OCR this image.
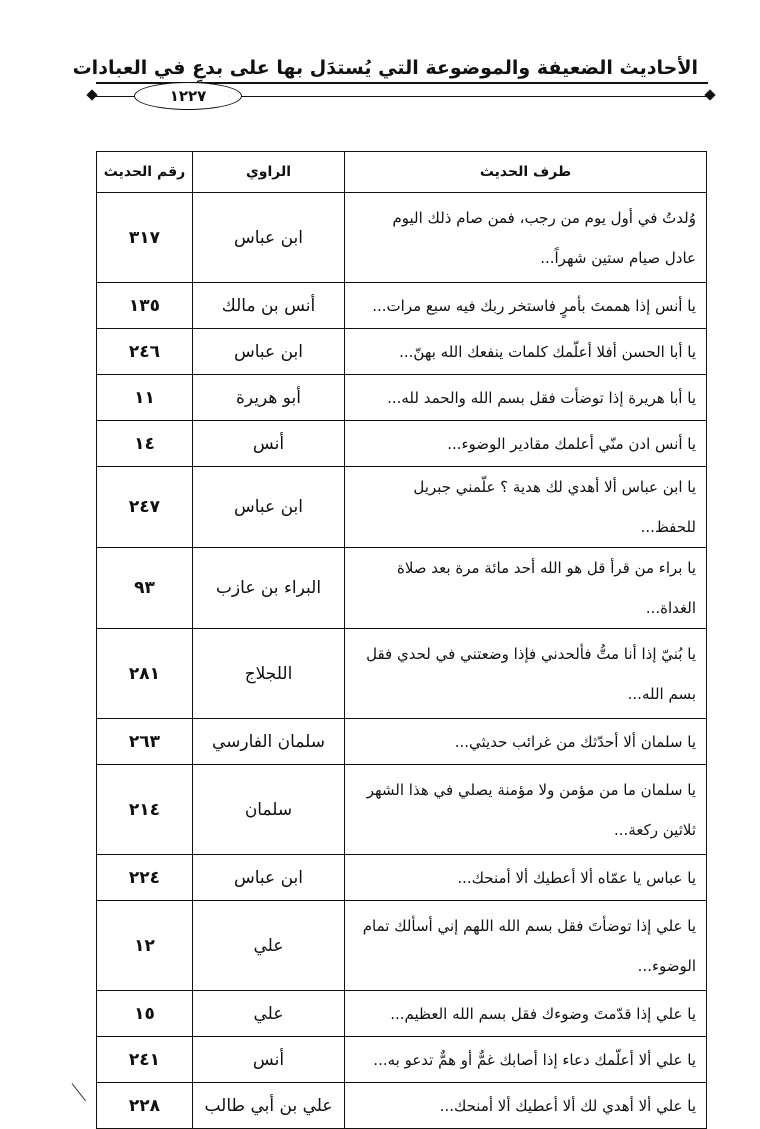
الأحاديث الضعيفة والموضوعة التي يُستدَل بها على بدعٍ في العبادات
١٢٢٧
طرف الحديث	الراوي	رقم الحديث
وُلدتُ في أول يوم من رجب، فمن صام ذلك اليوم عادل صيام ستين شهراً...	ابن عباس	٣١٧
يا أنس إذا هممتَ بأمرٍ فاستخر ربك فيه سبع مرات...	أنس بن مالك	١٣٥
يا أبا الحسن أفلا أعلّمك كلمات ينفعك الله بهنّ...	ابن عباس	٢٤٦
يا أبا هريرة إذا توضأت فقل بسم الله والحمد لله...	أبو هريرة	١١
يا أنس ادن منّي أعلمك مقادير الوضوء...	أنس	١٤
يا ابن عباس ألا أهدي لك هدية ؟ علّمني جبريل للحفظ...	ابن عباس	٢٤٧
يا براء من قرأ قل هو الله أحد مائة مرة بعد صلاة الغداة...	البراء بن عازب	٩٣
يا بُنيّ إذا أنا متُّ فألحدني فإذا وضعتني في لحدي فقل بسم الله...	اللجلاج	٢٨١
يا سلمان ألا أحدّثك من غرائب حديثي...	سلمان الفارسي	٢٦٣
يا سلمان ما من مؤمن ولا مؤمنة يصلي في هذا الشهر ثلاثين ركعة...	سلمان	٢١٤
يا عباس يا عمّاه ألا أعطيك ألا أمنحك...	ابن عباس	٢٢٤
يا علي إذا توضأتَ فقل بسم الله اللهم إني أسألك تمام الوضوء...	علي	١٢
يا علي إذا قدّمتَ وضوءك فقل بسم الله العظيم...	علي	١٥
يا علي ألا أعلّمك دعاء إذا أصابك غمٌّ أو همٌّ تدعو به...	أنس	٢٤١
يا علي ألا أهدي لك ألا أعطيك ألا أمنحك...	علي بن أبي طالب	٢٢٨
